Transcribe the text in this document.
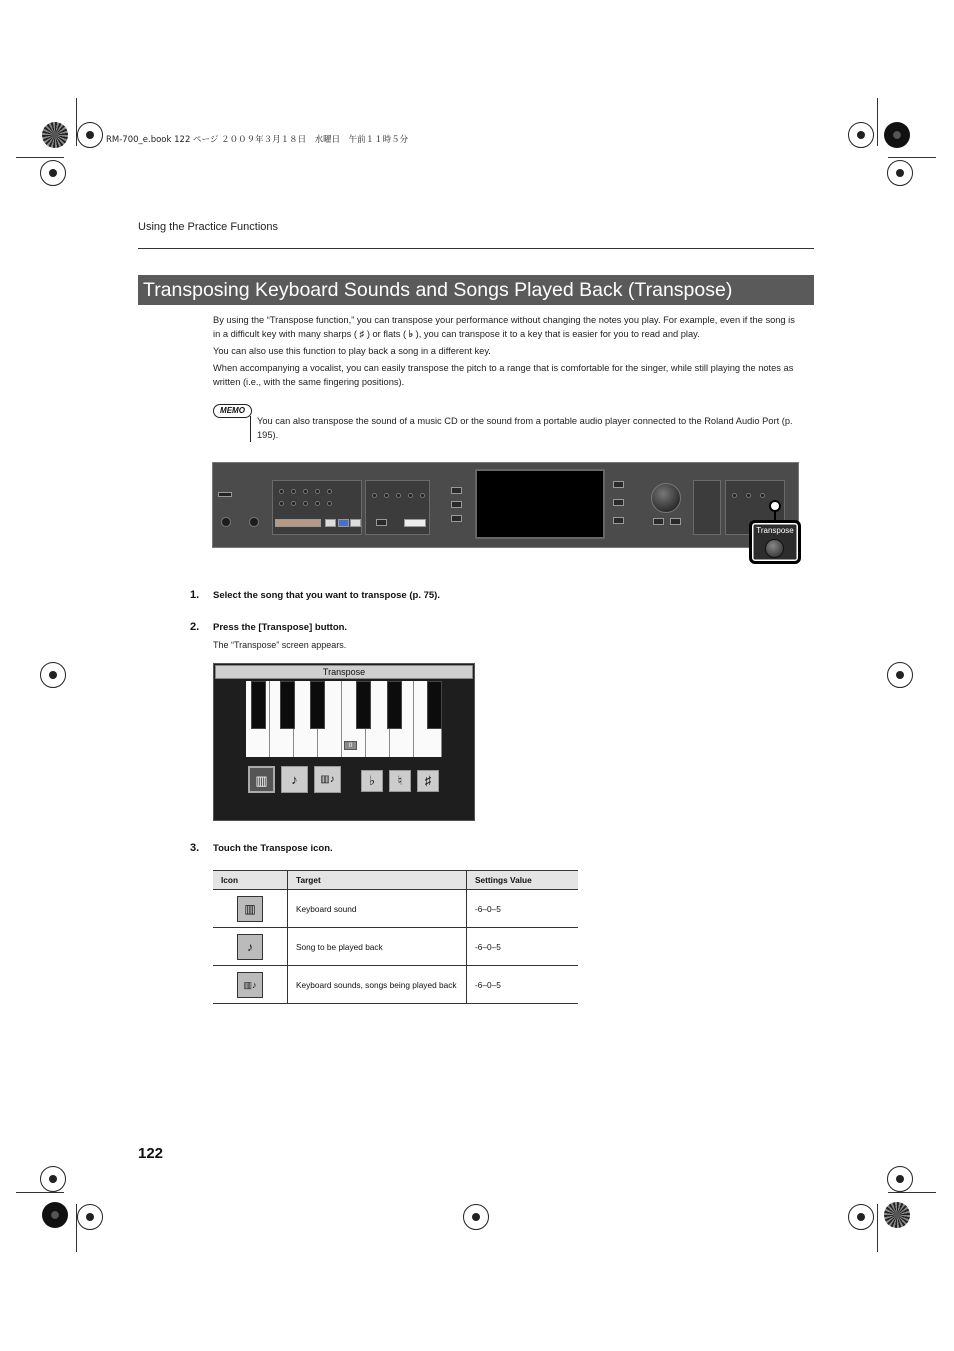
RM-700_e.book 122 ページ ２００９年３月１８日　水曜日　午前１１時５分
Using the Practice Functions
Transposing Keyboard Sounds and Songs Played Back (Transpose)
By using the “Transpose function,” you can transpose your performance without changing the notes you play. For example, even if the song is in a difficult key with many sharps ( ♯ ) or flats ( ♭ ), you can transpose it to a key that is easier for you to read and play.
You can also use this function to play back a song in a different key.
When accompanying a vocalist, you can easily transpose the pitch to a range that is comfortable for the singer, while still playing the notes as written (i.e., with the same fingering positions).
MEMO
You can also transpose the sound of a music CD or the sound from a portable audio player connected to the Roland Audio Port (p. 195).
Transpose
1. Select the song that you want to transpose (p. 75).
2. Press the [Transpose] button.
The “Transpose” screen appears.
Transpose
0
▥	♪	▥♪	♭	♮	♯
3. Touch the Transpose icon.
Icon	Target	Settings Value

▥	Keyboard sound	-6–0–5

♪	Song to be played back	-6–0–5

▥♪	Keyboard sounds, songs being played back	-6–0–5
122
